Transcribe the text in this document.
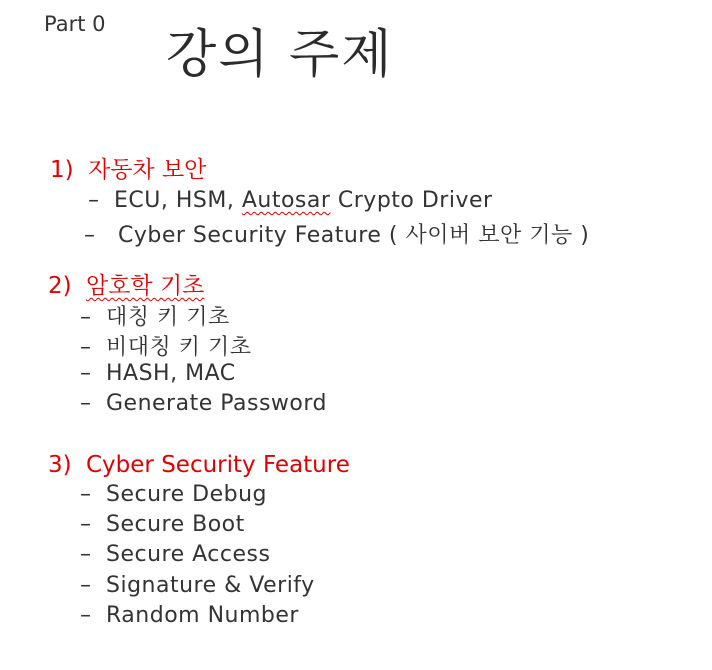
Part 0
강의 주제
1) 자동차 보안
– ECU, HSM, Autosar Crypto Driver
– Cyber Security Feature ( 사이버 보안 기능 )
2) 암호학 기초
– 대칭 키 기초
– 비대칭 키 기초
– HASH, MAC
– Generate Password
3) Cyber Security Feature
– Secure Debug
– Secure Boot
– Secure Access
– Signature & Verify
– Random Number
